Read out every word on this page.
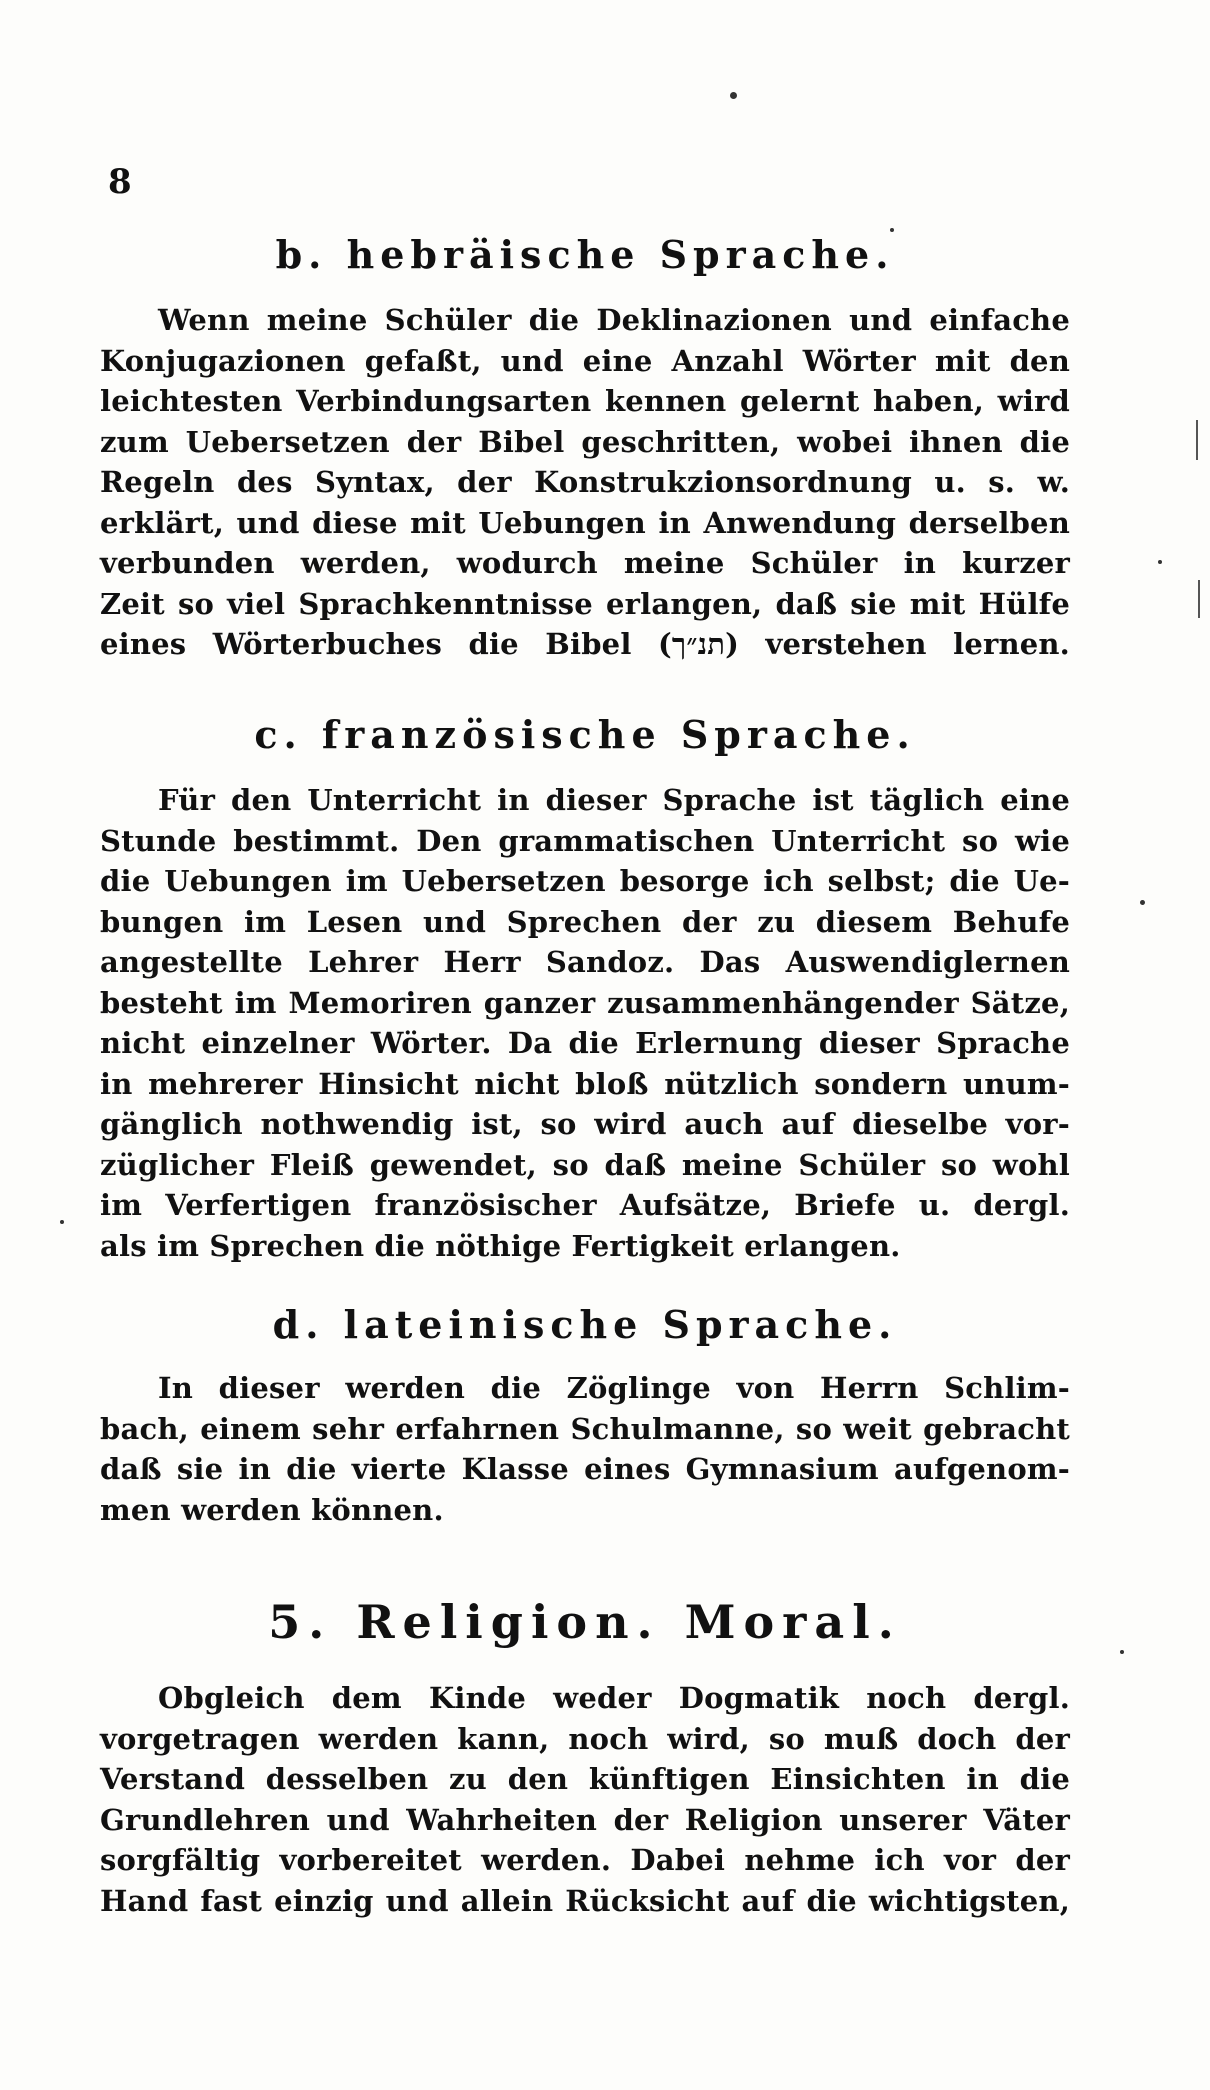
8
b. hebräische Sprache.
Wenn meine Schüler die Deklinazionen und einfache
Konjugazionen gefaßt, und eine Anzahl Wörter mit den
leichtesten Verbindungsarten kennen gelernt haben, wird
zum Uebersetzen der Bibel geschritten, wobei ihnen die
Regeln des Syntax, der Konstrukzionsordnung u. s. w.
erklärt, und diese mit Uebungen in Anwendung derselben
verbunden werden, wodurch meine Schüler in kurzer
Zeit so viel Sprachkenntnisse erlangen, daß sie mit Hülfe
eines Wörterbuches die Bibel (תנ״ך) verstehen lernen.
c. französische Sprache.
Für den Unterricht in dieser Sprache ist täglich eine
Stunde bestimmt. Den grammatischen Unterricht so wie
die Uebungen im Uebersetzen besorge ich selbst; die Ue-
bungen im Lesen und Sprechen der zu diesem Behufe
angestellte Lehrer Herr Sandoz. Das Auswendiglernen
besteht im Memoriren ganzer zusammenhängender Sätze,
nicht einzelner Wörter. Da die Erlernung dieser Sprache
in mehrerer Hinsicht nicht bloß nützlich sondern unum-
gänglich nothwendig ist, so wird auch auf dieselbe vor-
züglicher Fleiß gewendet, so daß meine Schüler so wohl
im Verfertigen französischer Aufsätze, Briefe u. dergl.
als im Sprechen die nöthige Fertigkeit erlangen.
d. lateinische Sprache.
In dieser werden die Zöglinge von Herrn Schlim-
bach, einem sehr erfahrnen Schulmanne, so weit gebracht
daß sie in die vierte Klasse eines Gymnasium aufgenom-
men werden können.
5. Religion. Moral.
Obgleich dem Kinde weder Dogmatik noch dergl.
vorgetragen werden kann, noch wird, so muß doch der
Verstand desselben zu den künftigen Einsichten in die
Grundlehren und Wahrheiten der Religion unserer Väter
sorgfältig vorbereitet werden. Dabei nehme ich vor der
Hand fast einzig und allein Rücksicht auf die wichtigsten,
